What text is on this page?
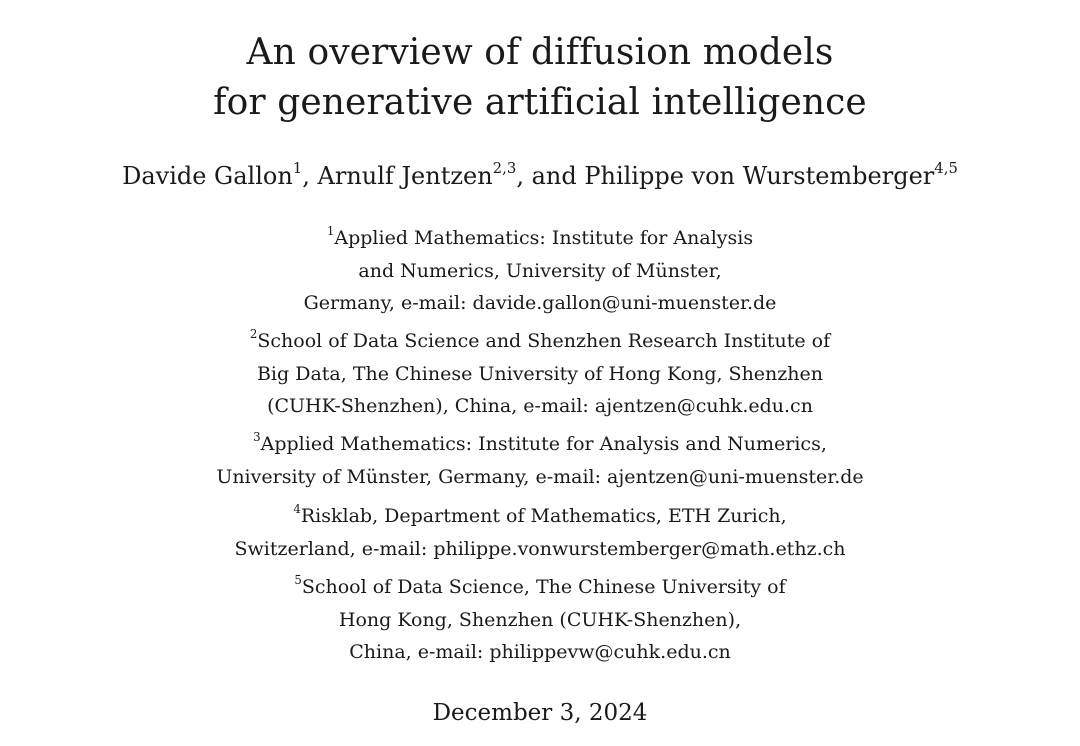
An overview of diffusion models
for generative artificial intelligence
Davide Gallon$^1$, Arnulf Jentzen$^{2,3}$, and Philippe von Wurstemberger$^{4,5}$
$^1$Applied Mathematics: Institute for Analysis
and Numerics, University of Münster,
Germany, e-mail: davide.gallon@uni-muenster.de
$^2$School of Data Science and Shenzhen Research Institute of
Big Data, The Chinese University of Hong Kong, Shenzhen
(CUHK-Shenzhen), China, e-mail: ajentzen@cuhk.edu.cn
$^3$Applied Mathematics: Institute for Analysis and Numerics,
University of Münster, Germany, e-mail: ajentzen@uni-muenster.de
$^4$Risklab, Department of Mathematics, ETH Zurich,
Switzerland, e-mail: philippe.vonwurstemberger@math.ethz.ch
$^5$School of Data Science, The Chinese University of
Hong Kong, Shenzhen (CUHK-Shenzhen),
China, e-mail: philippevw@cuhk.edu.cn
December 3, 2024
